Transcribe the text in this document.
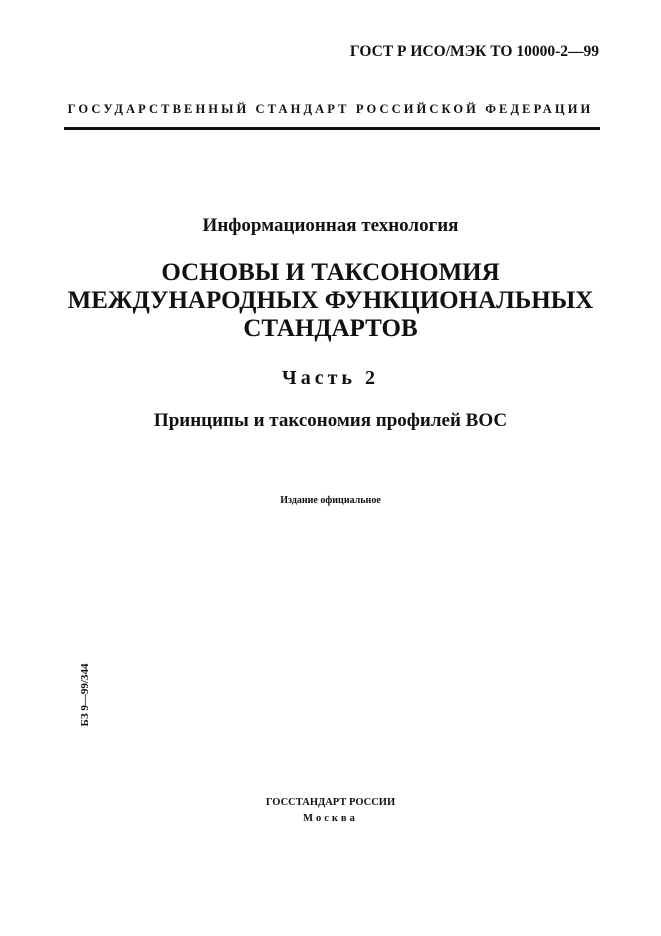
ГОСТ Р ИСО/МЭК ТО 10000-2—99
ГОСУДАРСТВЕННЫЙ СТАНДАРТ РОССИЙСКОЙ ФЕДЕРАЦИИ
Информационная технология
ОСНОВЫ И ТАКСОНОМИЯ
МЕЖДУНАРОДНЫХ ФУНКЦИОНАЛЬНЫХ
СТАНДАРТОВ
Часть 2
Принципы и таксономия профилей ВОС
Издание официальное
БЗ 9—99/344
ГОССТАНДАРТ РОССИИ
Москва
